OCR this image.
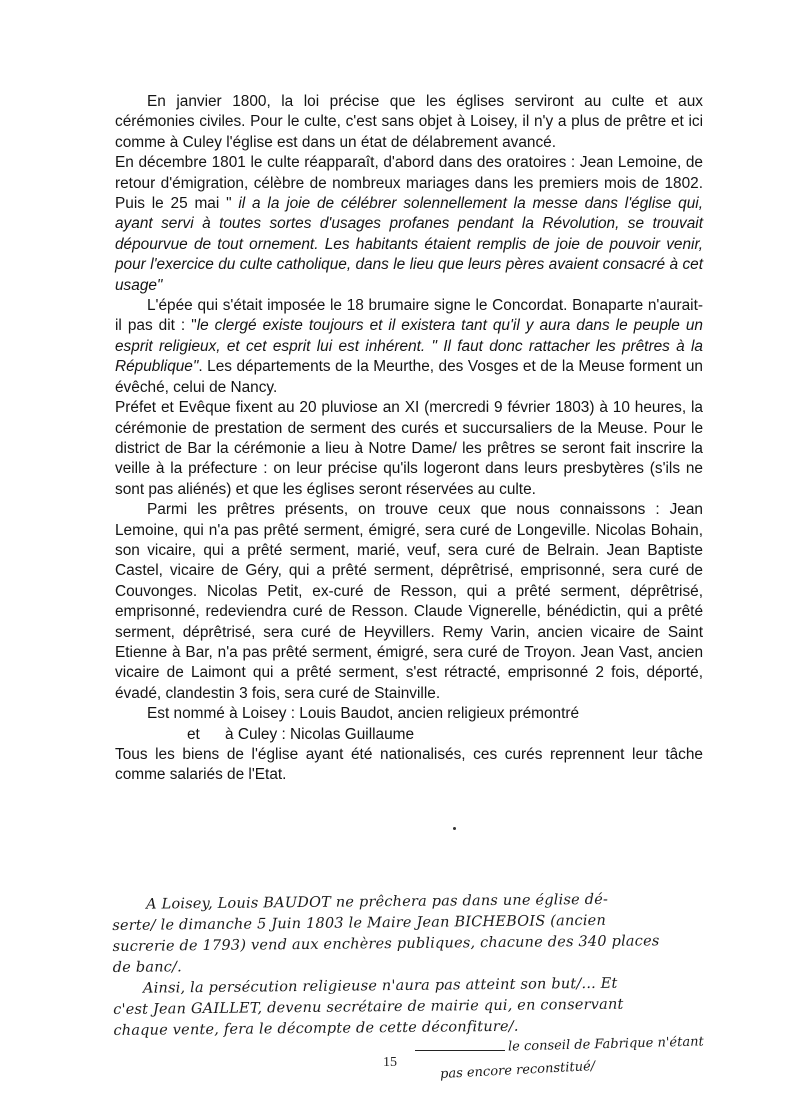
En janvier 1800, la loi précise que les églises serviront au culte et aux cérémonies civiles. Pour le culte, c'est sans objet à Loisey, il n'y a plus de prêtre et ici comme à Culey l'église est dans un état de délabrement avancé.

En décembre 1801 le culte réapparaît, d'abord dans des oratoires : Jean Lemoine, de retour d'émigration, célèbre de nombreux mariages dans les premiers mois de 1802. Puis le 25 mai " il a la joie de célébrer solennellement la messe dans l'église qui, ayant servi à toutes sortes d'usages profanes pendant la Révolution, se trouvait dépourvue de tout ornement. Les habitants étaient remplis de joie de pouvoir venir, pour l'exercice du culte catholique, dans le lieu que leurs pères avaient consacré à cet usage"

L'épée qui s'était imposée le 18 brumaire signe le Concordat. Bonaparte n'aurait-il pas dit : "le clergé existe toujours et il existera tant qu'il y aura dans le peuple un esprit religieux, et cet esprit lui est inhérent. " Il faut donc rattacher les prêtres à la République". Les départements de la Meurthe, des Vosges et de la Meuse forment un évêché, celui de Nancy.

Préfet et Evêque fixent au 20 pluviose an XI (mercredi 9 février 1803) à 10 heures, la cérémonie de prestation de serment des curés et succursaliers de la Meuse. Pour le district de Bar la cérémonie a lieu à Notre Dame/ les prêtres se seront fait inscrire la veille à la préfecture : on leur précise qu'ils logeront dans leurs presbytères (s'ils ne sont pas aliénés) et que les églises seront réservées au culte.

Parmi les prêtres présents, on trouve ceux que nous connaissons : Jean Lemoine, qui n'a pas prêté serment, émigré, sera curé de Longeville. Nicolas Bohain, son vicaire, qui a prêté serment, marié, veuf, sera curé de Belrain. Jean Baptiste Castel, vicaire de Géry, qui a prêté serment, déprêtrisé, emprisonné, sera curé de Couvonges. Nicolas Petit, ex-curé de Resson, qui a prêté serment, déprêtrisé, emprisonné, redeviendra curé de Resson. Claude Vignerelle, bénédictin, qui a prêté serment, déprêtrisé, sera curé de Heyvillers. Remy Varin, ancien vicaire de Saint Etienne à Bar, n'a pas prêté serment, émigré, sera curé de Troyon. Jean Vast, ancien vicaire de Laimont qui a prêté serment, s'est rétracté, emprisonné 2 fois, déporté, évadé, clandestin 3 fois, sera curé de Stainville.

Est nommé à Loisey : Louis Baudot, ancien religieux prémontré

et à Culey : Nicolas Guillaume

Tous les biens de l'église ayant été nationalisés, ces curés reprennent leur tâche comme salariés de l'Etat.

A Loisey, Louis BAUDOT ne prêchera pas dans une église dé-
serte/ le dimanche 5 Juin 1803 le Maire Jean BICHEBOIS (ancien
sucrerie de 1793) vend aux enchères publiques, chacune des 340 places
de banc/.
Ainsi, la persécution religieuse n'aura pas atteint son but/... Et
c'est Jean GAILLET, devenu secrétaire de mairie qui, en conservant
chaque vente, fera le décompte de cette déconfiture/.
le conseil de Fabrique n'étant
pas encore reconstitué/
15
